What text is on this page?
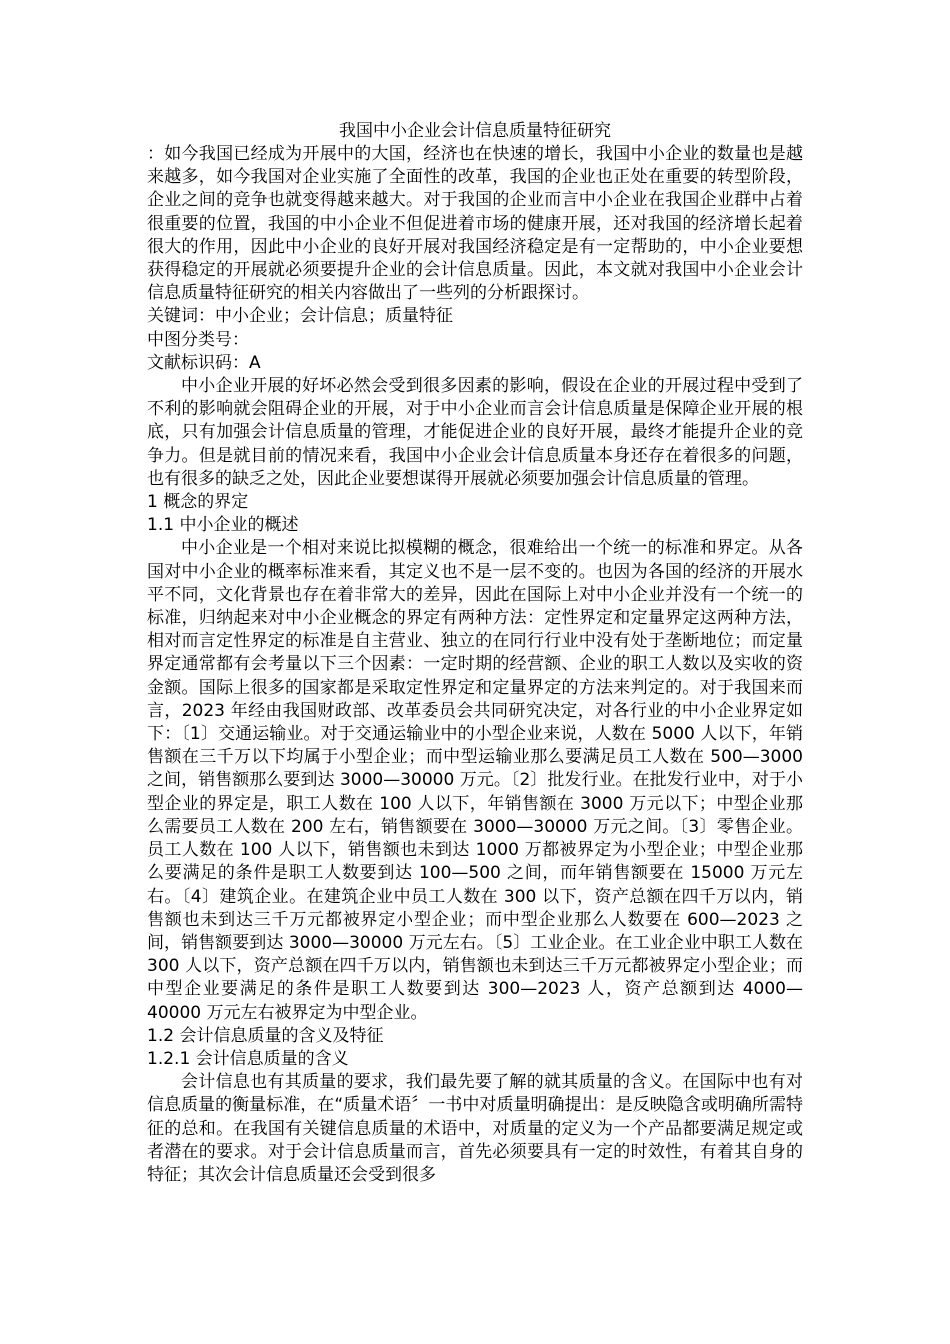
我国中小企业会计信息质量特征研究

：如今我国已经成为开展中的大国，经济也在快速的增长，我国中小企业的数量也是越来越多，如今我国对企业实施了全面性的改革，我国的企业也正处在重要的转型阶段，企业之间的竞争也就变得越来越大。对于我国的企业而言中小企业在我国企业群中占着很重要的位置，我国的中小企业不但促进着市场的健康开展，还对我国的经济增长起着很大的作用，因此中小企业的良好开展对我国经济稳定是有一定帮助的，中小企业要想获得稳定的开展就必须要提升企业的会计信息质量。因此，本文就对我国中小企业会计信息质量特征研究的相关内容做出了一些列的分析跟探讨。

关键词：中小企业；会计信息；质量特征
中图分类号：
文献标识码：A

中小企业开展的好坏必然会受到很多因素的影响，假设在企业的开展过程中受到了不利的影响就会阻碍企业的开展，对于中小企业而言会计信息质量是保障企业开展的根底，只有加强会计信息质量的管理，才能促进企业的良好开展，最终才能提升企业的竞争力。但是就目前的情况来看，我国中小企业会计信息质量本身还存在着很多的问题，也有很多的缺乏之处，因此企业要想谋得开展就必须要加强会计信息质量的管理。

1 概念的界定
1.1 中小企业的概述

中小企业是一个相对来说比拟模糊的概念，很难给出一个统一的标准和界定。从各国对中小企业的概率标准来看，其定义也不是一层不变的。也因为各国的经济的开展水平不同，文化背景也存在着非常大的差异，因此在国际上对中小企业并没有一个统一的标准，归纳起来对中小企业概念的界定有两种方法：定性界定和定量界定这两种方法，相对而言定性界定的标准是自主营业、独立的在同行行业中没有处于垄断地位；而定量界定通常都有会考量以下三个因素：一定时期的经营额、企业的职工人数以及实收的资金额。国际上很多的国家都是采取定性界定和定量界定的方法来判定的。对于我国来而言，2023 年经由我国财政部、改革委员会共同研究决定，对各行业的中小企业界定如下：〔1〕交通运输业。对于交通运输业中的小型企业来说，人数在 5000 人以下，年销售额在三千万以下均属于小型企业；而中型运输业那么要满足员工人数在 500—3000 之间，销售额那么要到达 3000—30000 万元。〔2〕批发行业。在批发行业中，对于小型企业的界定是，职工人数在 100 人以下，年销售额在 3000 万元以下；中型企业那么需要员工人数在 200 左右，销售额要在 3000—30000 万元之间。〔3〕零售企业。员工人数在 100 人以下，销售额也未到达 1000 万都被界定为小型企业；中型企业那么要满足的条件是职工人数要到达 100—500 之间，而年销售额要在 15000 万元左右。〔4〕建筑企业。在建筑企业中员工人数在 300 以下，资产总额在四千万以内，销售额也未到达三千万元都被界定小型企业；而中型企业那么人数要在 600—2023 之间，销售额要到达 3000—30000 万元左右。〔5〕工业企业。在工业企业中职工人数在 300 人以下，资产总额在四千万以内，销售额也未到达三千万元都被界定小型企业；而中型企业要满足的条件是职工人数要到达 300—2023 人，资产总额到达 4000—40000 万元左右被界定为中型企业。

1.2 会计信息质量的含义及特征
1.2.1 会计信息质量的含义

会计信息也有其质量的要求，我们最先要了解的就其质量的含义。在国际中也有对信息质量的衡量标准，在“质量术语〞一书中对质量明确提出：是反映隐含或明确所需特征的总和。在我国有关键信息质量的术语中，对质量的定义为一个产品都要满足规定或者潜在的要求。对于会计信息质量而言，首先必须要具有一定的时效性，有着其自身的特征；其次会计信息质量还会受到很多
